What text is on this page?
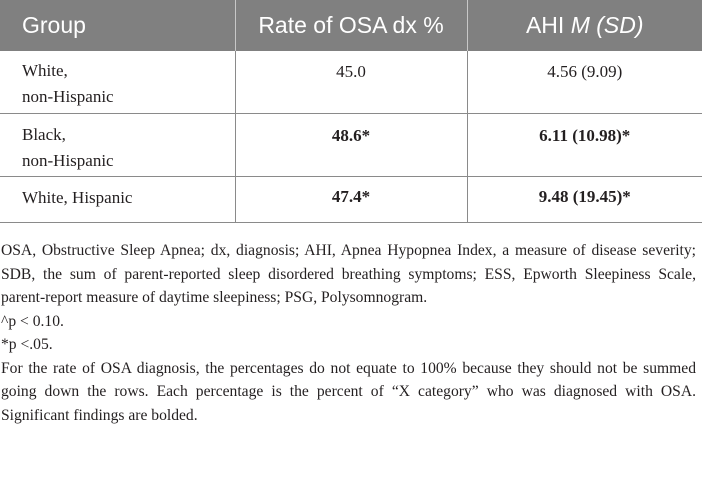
Group	Rate of OSA dx %	AHI M (SD)
White,
non-Hispanic	45.0	4.56 (9.09)
Black,
non-Hispanic	48.6*	6.11 (10.98)*
White, Hispanic	47.4*	9.48 (19.45)*

OSA, Obstructive Sleep Apnea; dx, diagnosis; AHI, Apnea Hypopnea Index, a measure of disease severity; SDB, the sum of parent-reported sleep disordered breathing symptoms; ESS, Epworth Sleepiness Scale, parent-report measure of daytime sleepiness; PSG, Polysomnogram.

^p < 0.10.

*p <.05.

For the rate of OSA diagnosis, the percentages do not equate to 100% because they should not be summed going down the rows. Each percentage is the percent of “X category” who was diagnosed with OSA. Significant findings are bolded.
